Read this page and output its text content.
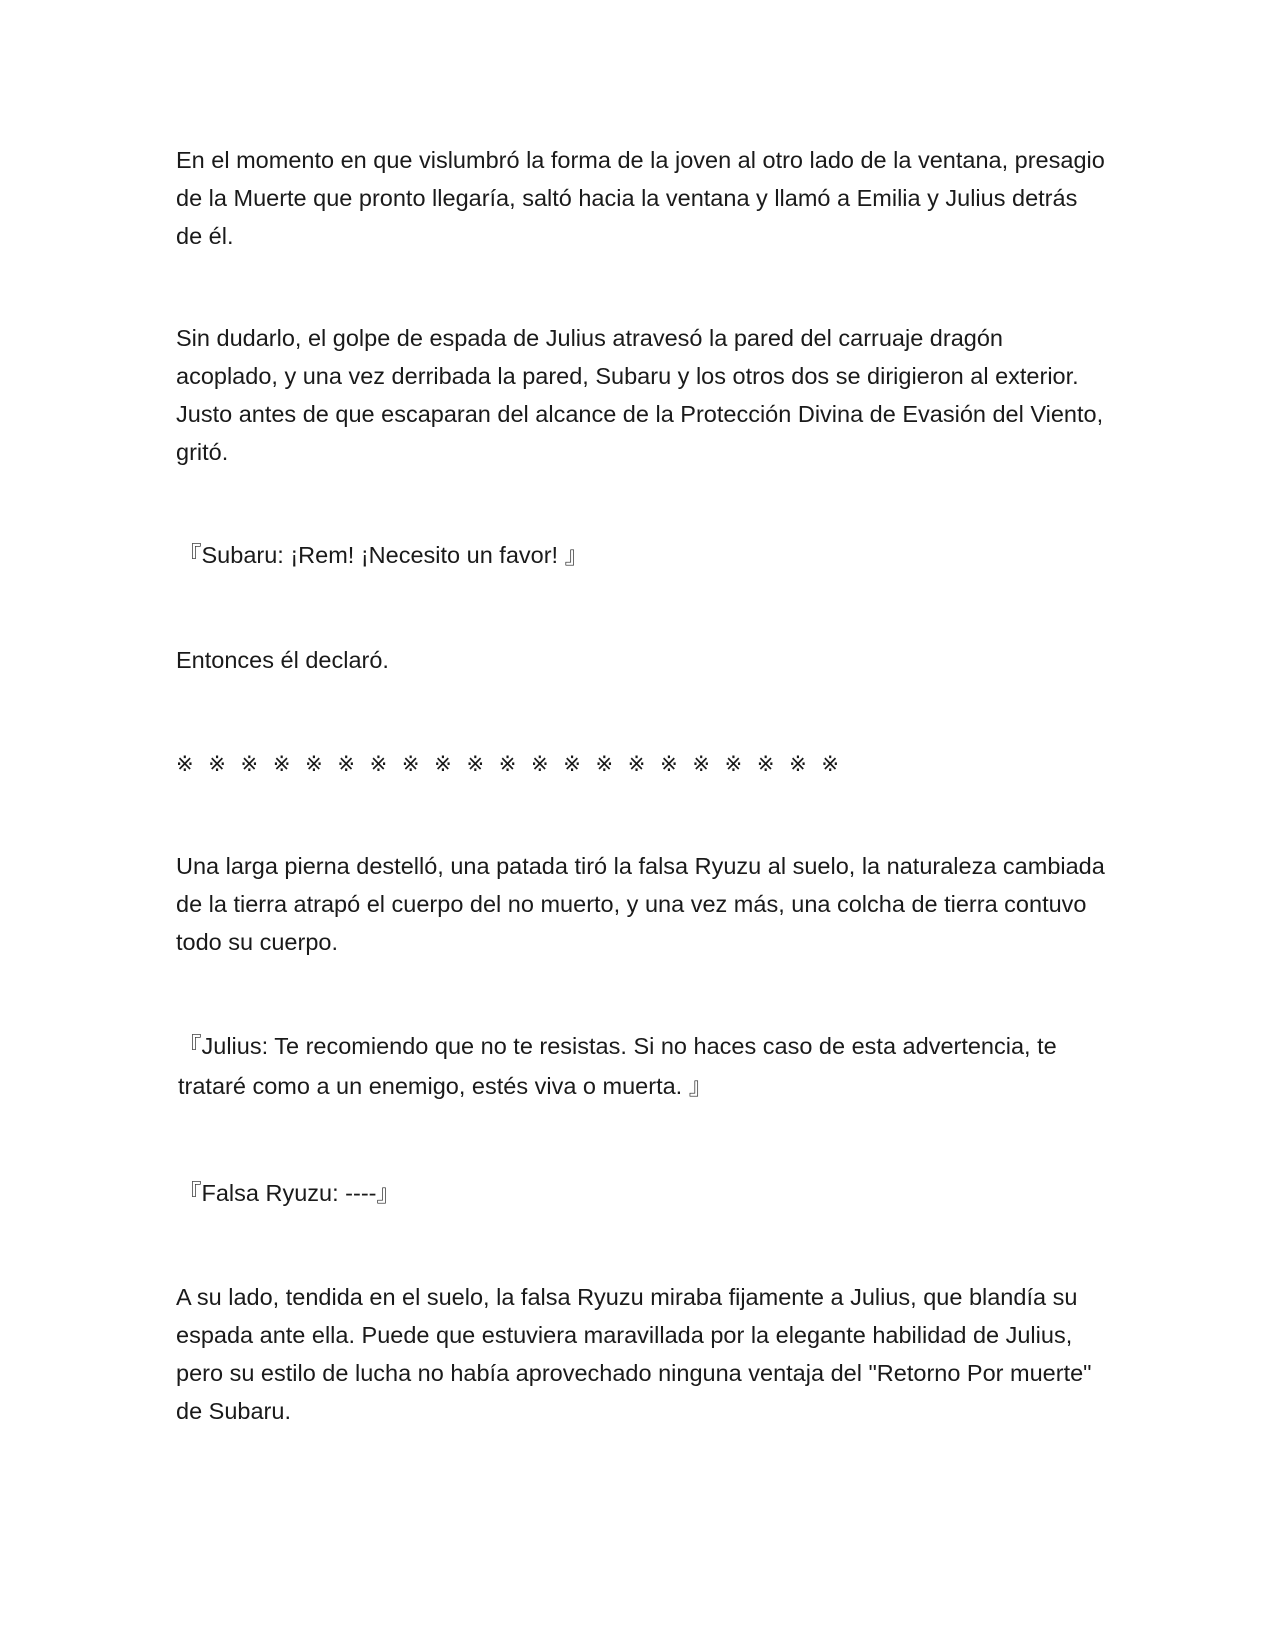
En el momento en que vislumbró la forma de la joven al otro lado de la ventana, presagio de la Muerte que pronto llegaría, saltó hacia la ventana y llamó a Emilia y Julius detrás de él.

Sin dudarlo, el golpe de espada de Julius atravesó la pared del carruaje dragón acoplado, y una vez derribada la pared, Subaru y los otros dos se dirigieron al exterior. Justo antes de que escaparan del alcance de la Protección Divina de Evasión del Viento, gritó.

『Subaru: ¡Rem! ¡Necesito un favor! 』

Entonces él declaró.

※ ※ ※ ※ ※ ※ ※ ※ ※ ※ ※ ※ ※ ※ ※ ※ ※ ※ ※ ※ ※

Una larga pierna destelló, una patada tiró la falsa Ryuzu al suelo, la naturaleza cambiada de la tierra atrapó el cuerpo del no muerto, y una vez más, una colcha de tierra contuvo todo su cuerpo.

『Julius: Te recomiendo que no te resistas. Si no haces caso de esta advertencia, te trataré como a un enemigo, estés viva o muerta. 』

『Falsa Ryuzu: ----』

A su lado, tendida en el suelo, la falsa Ryuzu miraba fijamente a Julius, que blandía su espada ante ella. Puede que estuviera maravillada por la elegante habilidad de Julius, pero su estilo de lucha no había aprovechado ninguna ventaja del "Retorno Por muerte" de Subaru.
